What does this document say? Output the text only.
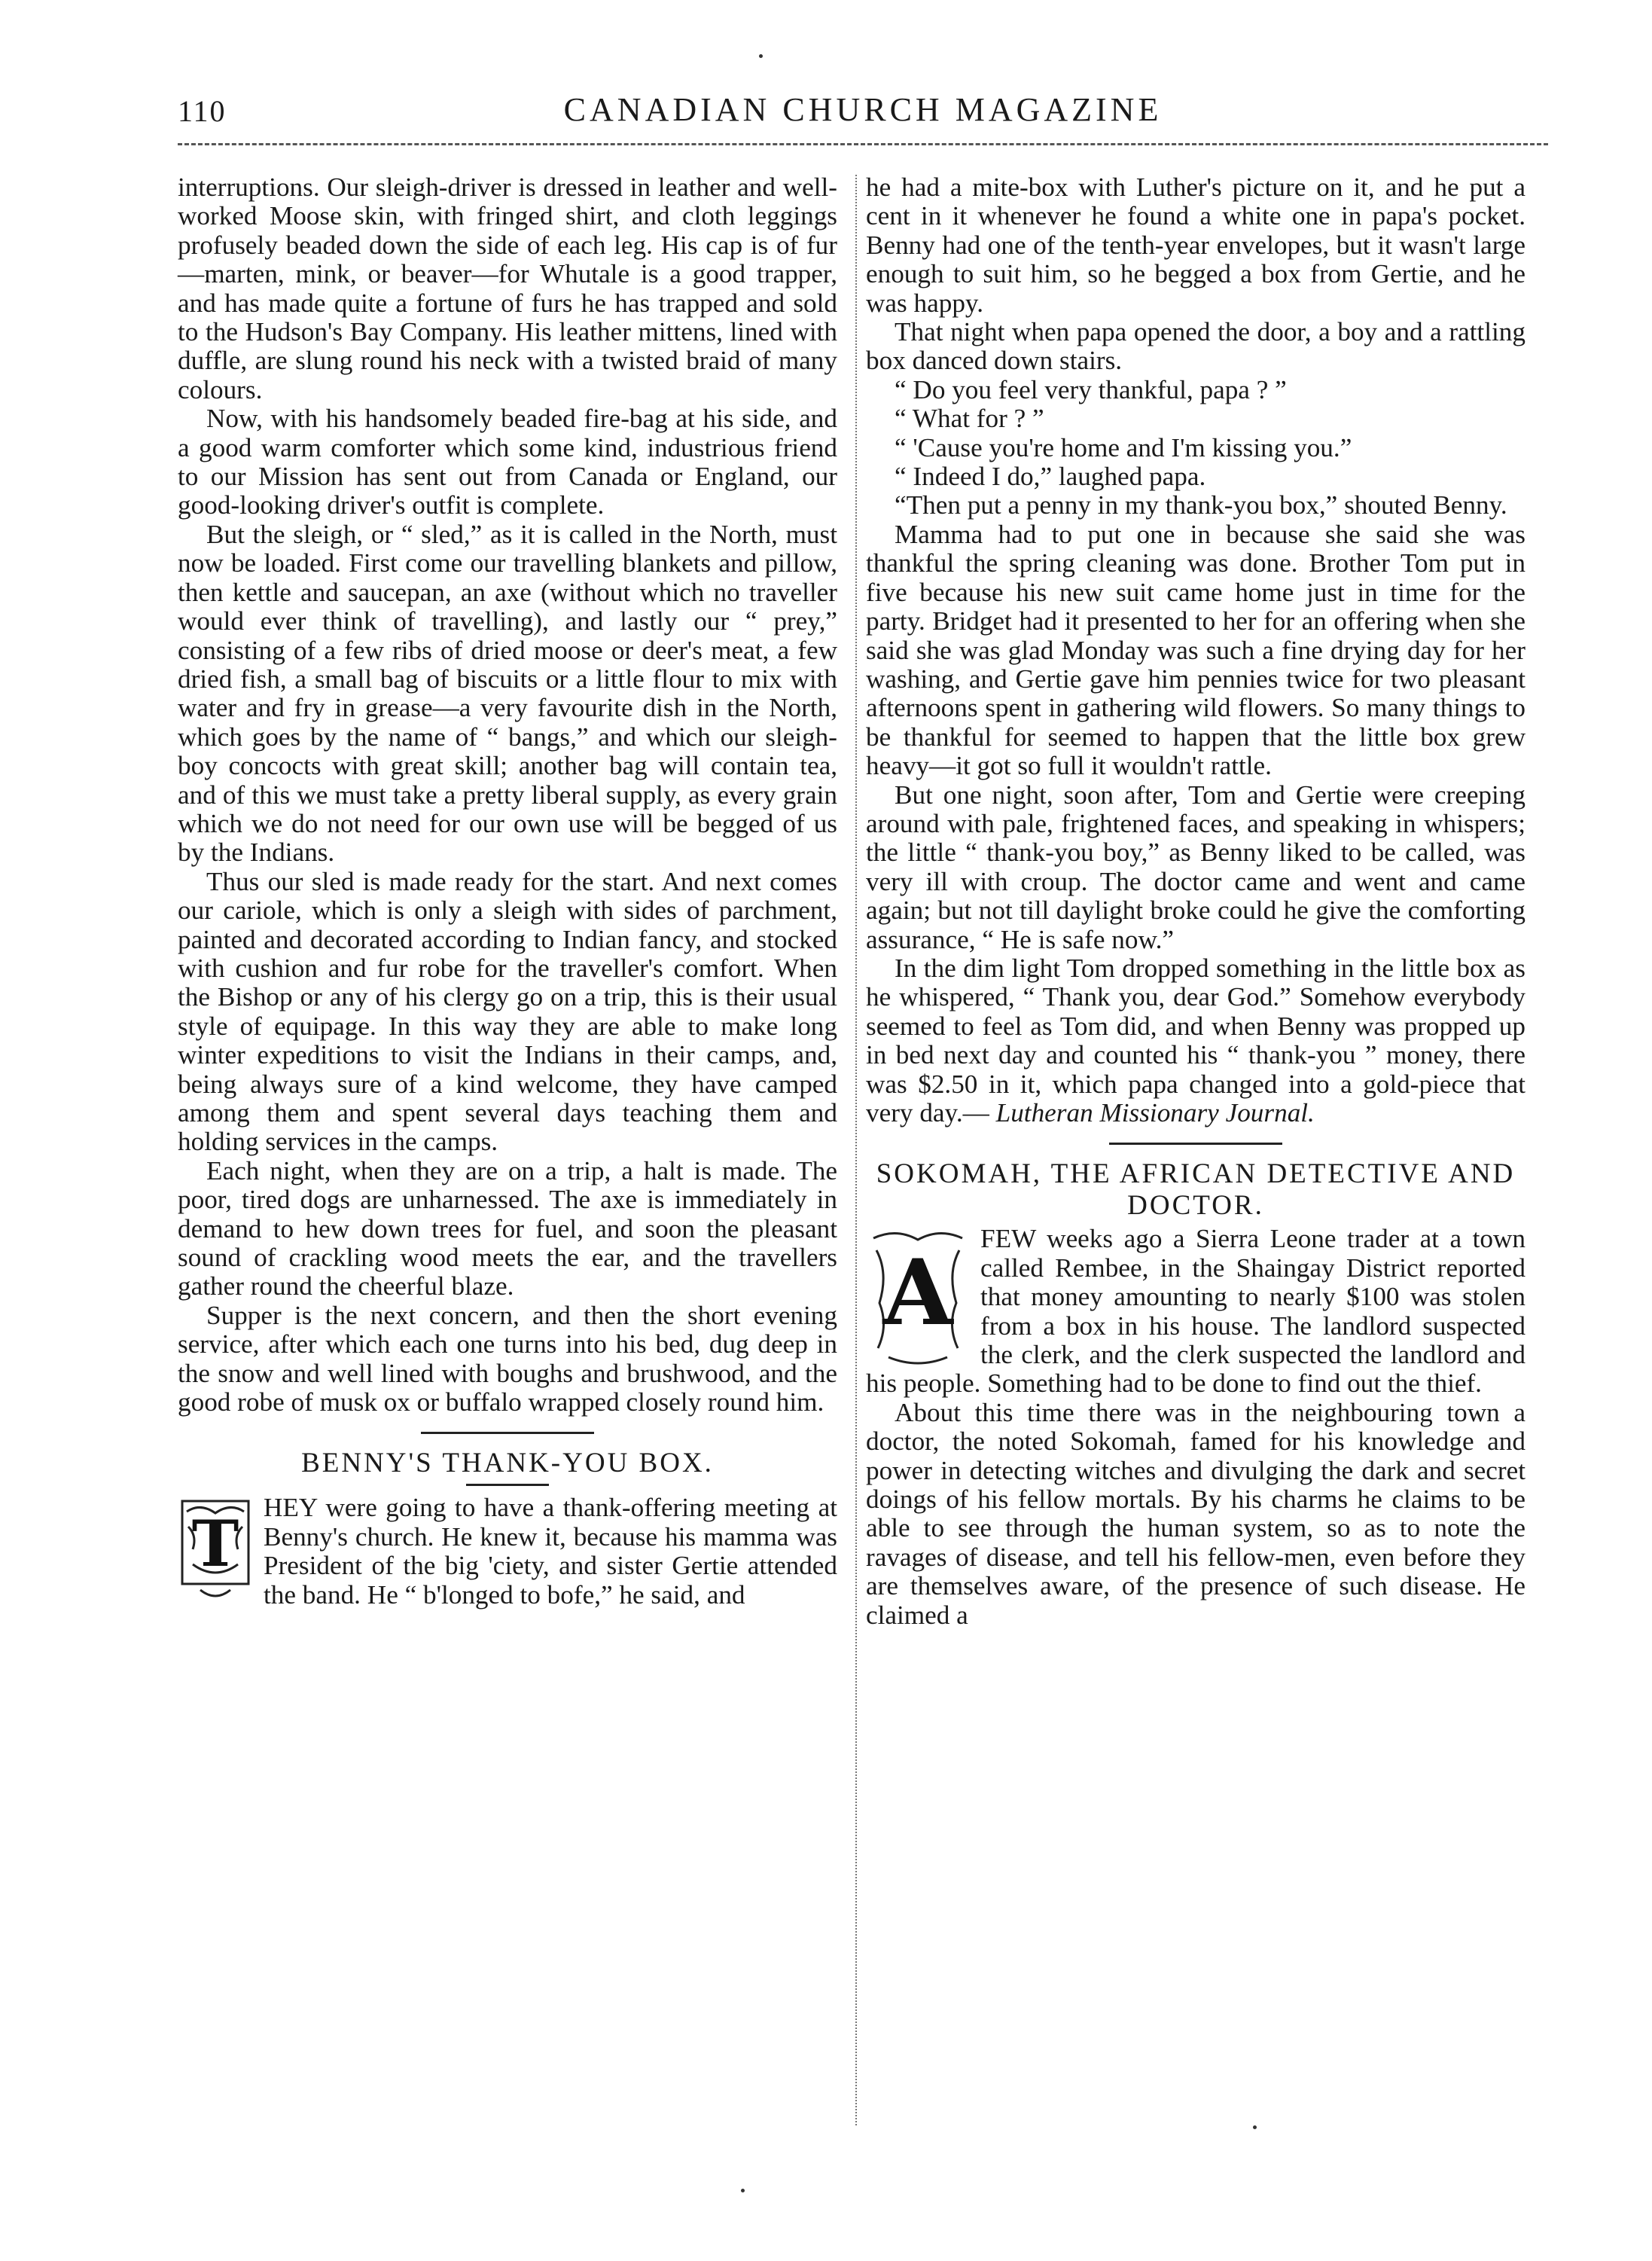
110	CANADIAN CHURCH MAGAZINE

interruptions. Our sleigh-driver is dressed in leather and well-worked Moose skin, with fringed shirt, and cloth leggings profusely beaded down the side of each leg. His cap is of fur—marten, mink, or beaver—for Whutale is a good trapper, and has made quite a fortune of furs he has trapped and sold to the Hudson's Bay Company. His leather mittens, lined with duffle, are slung round his neck with a twisted braid of many colours.

Now, with his handsomely beaded fire-bag at his side, and a good warm comforter which some kind, industrious friend to our Mission has sent out from Canada or England, our good-looking driver's outfit is complete.

But the sleigh, or “ sled,” as it is called in the North, must now be loaded. First come our travelling blankets and pillow, then kettle and saucepan, an axe (without which no traveller would ever think of travelling), and lastly our “ prey,” consisting of a few ribs of dried moose or deer's meat, a few dried fish, a small bag of biscuits or a little flour to mix with water and fry in grease—a very favourite dish in the North, which goes by the name of “ bangs,” and which our sleigh-boy concocts with great skill; another bag will contain tea, and of this we must take a pretty liberal supply, as every grain which we do not need for our own use will be begged of us by the Indians.

Thus our sled is made ready for the start. And next comes our cariole, which is only a sleigh with sides of parchment, painted and decorated according to Indian fancy, and stocked with cushion and fur robe for the traveller's comfort. When the Bishop or any of his clergy go on a trip, this is their usual style of equipage. In this way they are able to make long winter expeditions to visit the Indians in their camps, and, being always sure of a kind welcome, they have camped among them and spent several days teaching them and holding services in the camps.

Each night, when they are on a trip, a halt is made. The poor, tired dogs are unharnessed. The axe is immediately in demand to hew down trees for fuel, and soon the pleasant sound of crackling wood meets the ear, and the travellers gather round the cheerful blaze.

Supper is the next concern, and then the short evening service, after which each one turns into his bed, dug deep in the snow and well lined with boughs and brushwood, and the good robe of musk ox or buffalo wrapped closely round him.

BENNY'S THANK-YOU BOX.

T HEY were going to have a thank-offering meeting at Benny's church. He knew it, because his mamma was President of the big 'ciety, and sister Gertie attended the band. He “ b'longed to bofe,” he said, and

he had a mite-box with Luther's picture on it, and he put a cent in it whenever he found a white one in papa's pocket. Benny had one of the tenth-year envelopes, but it wasn't large enough to suit him, so he begged a box from Gertie, and he was happy.

That night when papa opened the door, a boy and a rattling box danced down stairs.

“ Do you feel very thankful, papa ? ”

“ What for ? ”

“ 'Cause you're home and I'm kissing you.”

“ Indeed I do,” laughed papa.

“Then put a penny in my thank-you box,” shouted Benny.

Mamma had to put one in because she said she was thankful the spring cleaning was done. Brother Tom put in five because his new suit came home just in time for the party. Bridget had it presented to her for an offering when she said she was glad Monday was such a fine drying day for her washing, and Gertie gave him pennies twice for two pleasant afternoons spent in gathering wild flowers. So many things to be thankful for seemed to happen that the little box grew heavy—it got so full it wouldn't rattle.

But one night, soon after, Tom and Gertie were creeping around with pale, frightened faces, and speaking in whispers; the little “ thank-you boy,” as Benny liked to be called, was very ill with croup. The doctor came and went and came again; but not till daylight broke could he give the comforting assurance, “ He is safe now.”

In the dim light Tom dropped something in the little box as he whispered, “ Thank you, dear God.” Somehow everybody seemed to feel as Tom did, and when Benny was propped up in bed next day and counted his “ thank-you ” money, there was $2.50 in it, which papa changed into a gold-piece that very day.— Lutheran Missionary Journal.

SOKOMAH, THE AFRICAN DETECTIVE AND DOCTOR.

A
FEW weeks ago a Sierra Leone trader at a town called Rembee, in the Shaingay District reported that money amounting to nearly $100 was stolen from a box in his house. The landlord suspected the clerk, and the clerk suspected the landlord and his people. Something had to be done to find out the thief.

About this time there was in the neighbouring town a doctor, the noted Sokomah, famed for his knowledge and power in detecting witches and divulging the dark and secret doings of his fellow mortals. By his charms he claims to be able to see through the human system, so as to note the ravages of disease, and tell his fellow-men, even before they are themselves aware, of the presence of such disease. He claimed a
